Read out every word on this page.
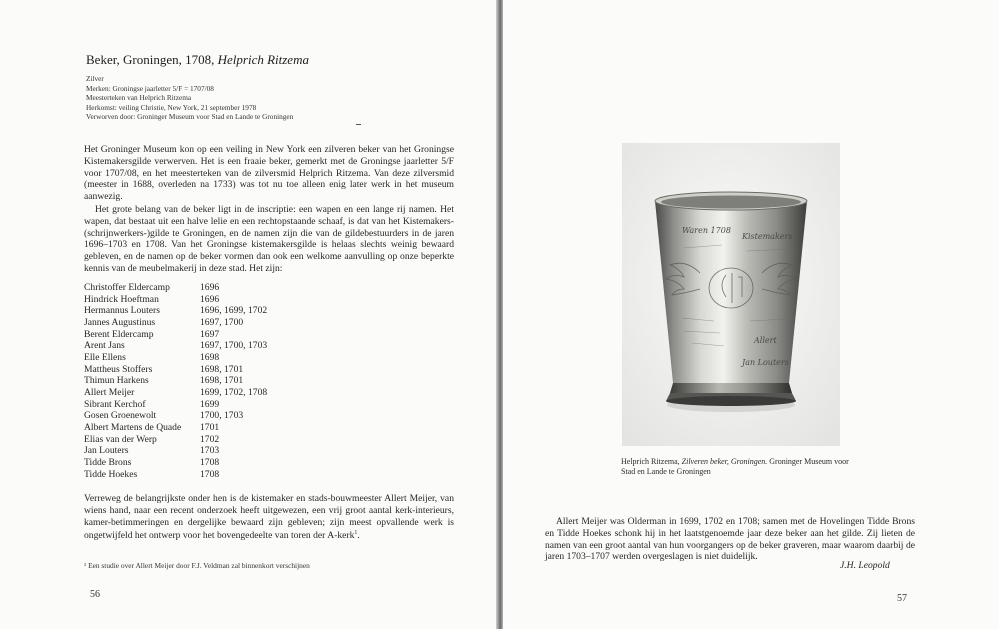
Beker, Groningen, 1708, Helprich Ritzema
Zilver
Merken: Groningse jaarletter 5/F = 1707/08
Meesterteken van Helprich Ritzema
Herkomst: veiling Christie, New York, 21 september 1978
Verworven door: Groninger Museum voor Stad en Lande te Groningen

Het Groninger Museum kon op een veiling in New York een zilveren beker van het Groningse Kistemakersgilde verwerven. Het is een fraaie beker, gemerkt met de Groningse jaarletter 5/F voor 1707/08, en het meesterteken van de zilversmid Helprich Ritzema. Van deze zilversmid (meester in 1688, overleden na 1733) was tot nu toe alleen enig later werk in het museum aanwezig.

Het grote belang van de beker ligt in de inscriptie: een wapen en een lange rij namen. Het wapen, dat bestaat uit een halve lelie en een rechtopstaande schaaf, is dat van het Kistemakers-(schrijnwerkers-)gilde te Groningen, en de namen zijn die van de gildebestuurders in de jaren 1696–1703 en 1708. Van het Groningse kistemakersgilde is helaas slechts weinig bewaard gebleven, en de namen op de beker vormen dan ook een welkome aanvulling op onze beperkte kennis van de meubelmakerij in deze stad. Het zijn:

Christoffer Eldercamp	1696
Hindrick Hoeftman	1696
Hermannus Louters	1696, 1699, 1702
Jannes Augustinus	1697, 1700
Berent Eldercamp	1697
Arent Jans	1697, 1700, 1703
Elle Ellens	1698
Mattheus Stoffers	1698, 1701
Thimun Harkens	1698, 1701
Allert Meijer	1699, 1702, 1708
Sibrant Kerchof	1699
Gosen Groenewolt	1700, 1703
Albert Martens de Quade	1701
Elias van der Werp	1702
Jan Louters	1703
Tidde Brons	1708
Tidde Hoekes	1708

Verreweg de belangrijkste onder hen is de kistemaker en stads-bouwmeester Allert Meijer, van wiens hand, naar een recent onderzoek heeft uitgewezen, een vrij groot aantal kerk-interieurs, kamer-betimmeringen en dergelijke bewaard zijn gebleven; zijn meest opvallende werk is ongetwijfeld het ontwerp voor het bovengedeelte van toren der A-kerk$^1$.

¹ Een studie over Allert Meijer door F.J. Veldman zal binnenkort verschijnen
56
Waren 1708
Kistemakers
Allert
Jan Louters
Helprich Ritzema, Zilveren beker, Groningen. Groninger Museum voor Stad en Lande te Groningen
Allert Meijer was Olderman in 1699, 1702 en 1708; samen met de Hovelingen Tidde Brons en Tidde Hoekes schonk hij in het laatstgenoemde jaar deze beker aan het gilde. Zij lieten de namen van een groot aantal van hun voorgangers op de beker graveren, maar waarom daarbij de jaren 1703–1707 werden overgeslagen is niet duidelijk.
J.H. Leopold
57
